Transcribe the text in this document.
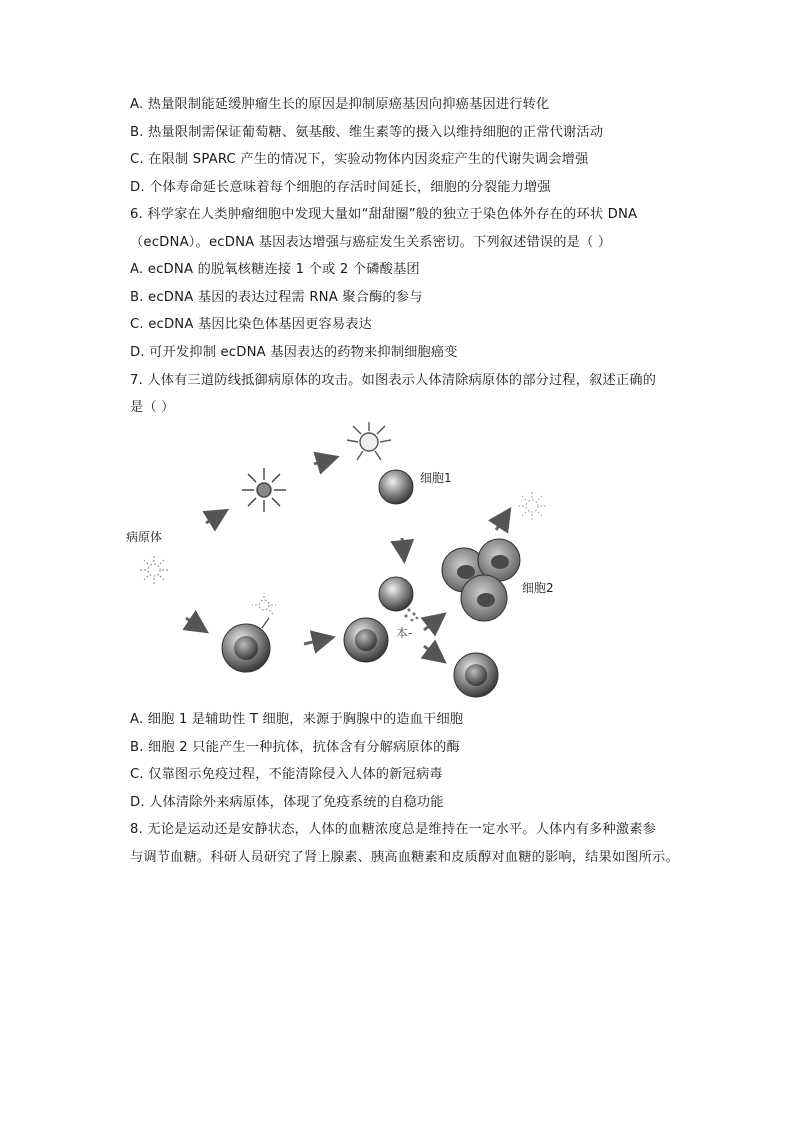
A. 热量限制能延缓肿瘤生长的原因是抑制原癌基因向抑癌基因进行转化
B. 热量限制需保证葡萄糖、氨基酸、维生素等的摄入以维持细胞的正常代谢活动
C. 在限制 SPARC 产生的情况下，实验动物体内因炎症产生的代谢失调会增强
D. 个体寿命延长意味着每个细胞的存活时间延长，细胞的分裂能力增强
6. 科学家在人类肿瘤细胞中发现大量如“甜甜圈”般的独立于染色体外存在的环状 DNA
（ecDNA）。ecDNA 基因表达增强与癌症发生关系密切。下列叙述错误的是（ ）
A. ecDNA 的脱氧核糖连接 1 个或 2 个磷酸基团
B. ecDNA 基因的表达过程需 RNA 聚合酶的参与
C. ecDNA 基因比染色体基因更容易表达
D. 可开发抑制 ecDNA 基因表达的药物来抑制细胞癌变
7. 人体有三道防线抵御病原体的攻击。如图表示人体清除病原体的部分过程，叙述正确的
是（ ）
病原体
细胞1
本-
细胞2
A. 细胞 1 是辅助性 T 细胞，来源于胸腺中的造血干细胞
B. 细胞 2 只能产生一种抗体，抗体含有分解病原体的酶
C. 仅靠图示免疫过程，不能清除侵入人体的新冠病毒
D. 人体清除外来病原体，体现了免疫系统的自稳功能
8. 无论是运动还是安静状态，人体的血糖浓度总是维持在一定水平。人体内有多种激素参
与调节血糖。科研人员研究了肾上腺素、胰高血糖素和皮质醇对血糖的影响，结果如图所示。
